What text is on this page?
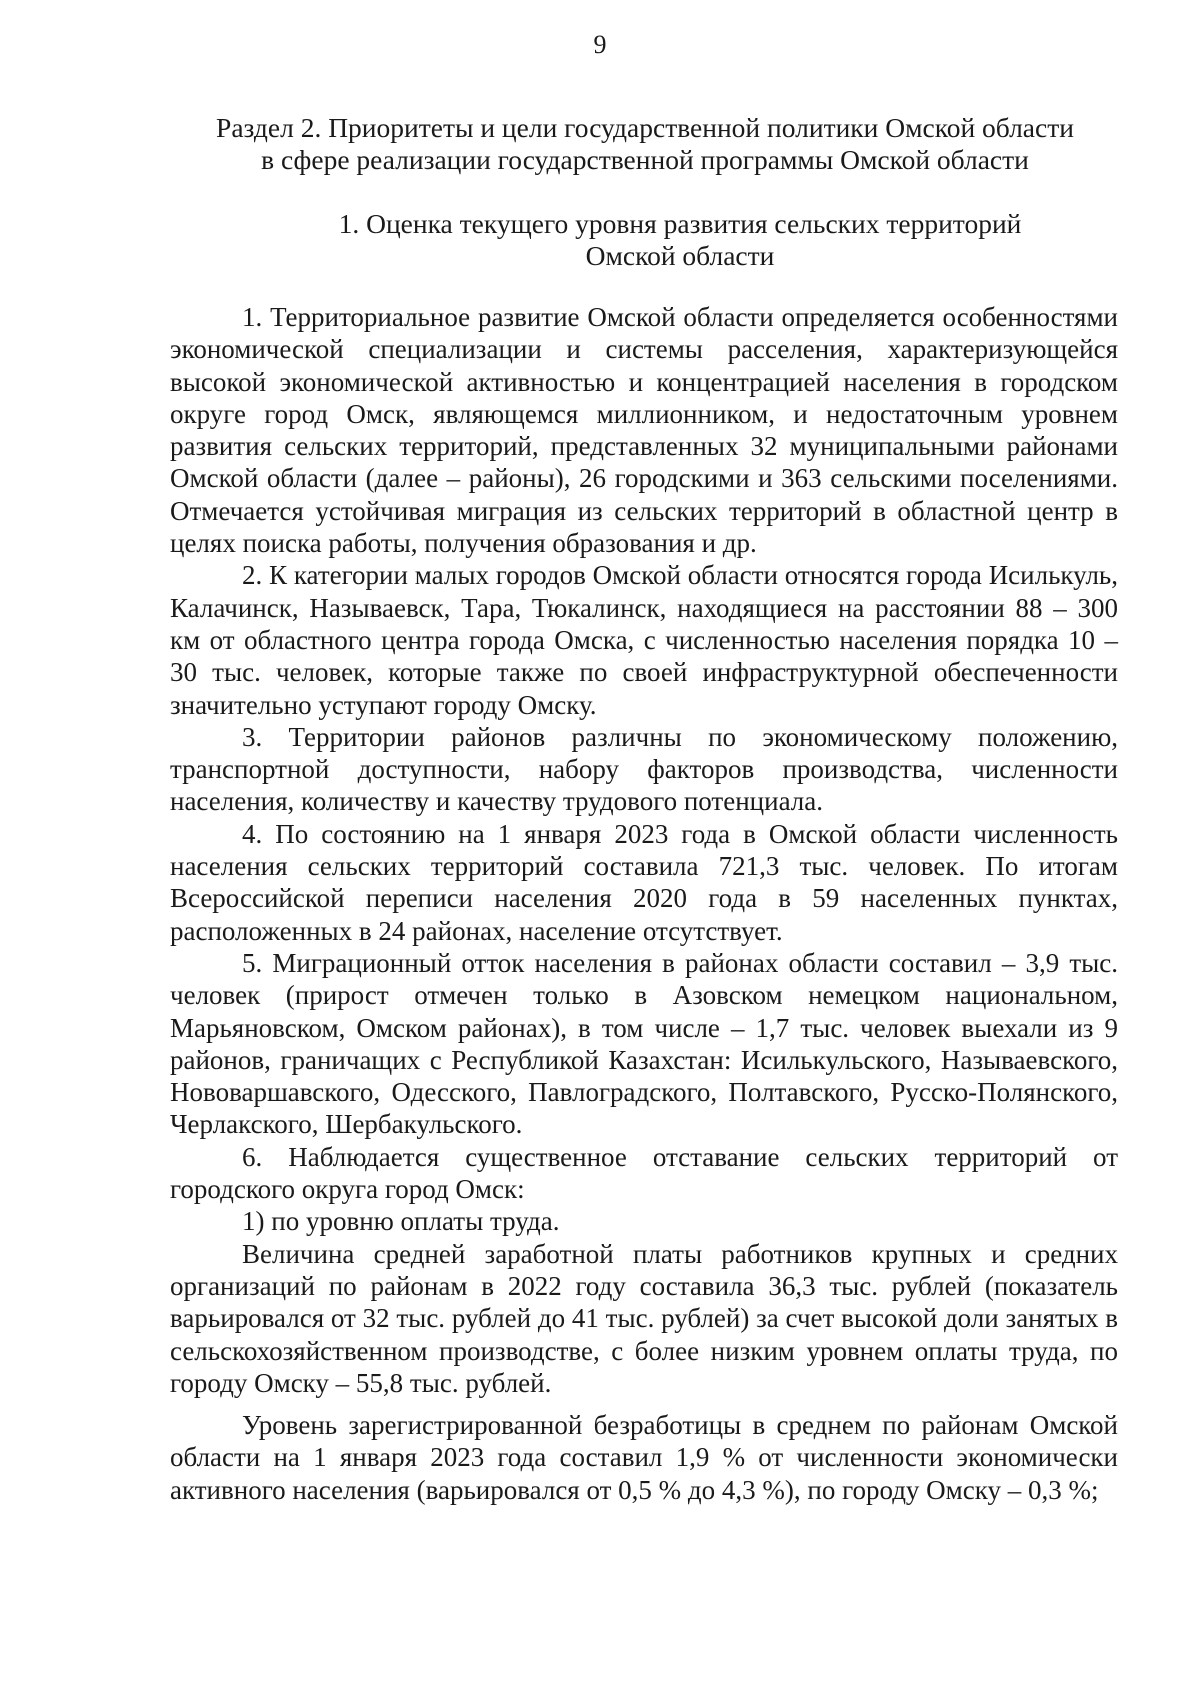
9
Раздел 2. Приоритеты и цели государственной политики Омской области
в сфере реализации государственной программы Омской области
1. Оценка текущего уровня развития сельских территорий
Омской области

1. Территориальное развитие Омской области определяется особенностями экономической специализации и системы расселения, характеризующейся высокой экономической активностью и концентрацией населения в городском округе город Омск, являющемся миллионником, и недостаточным уровнем развития сельских территорий, представленных 32 муниципальными районами Омской области (далее – районы), 26 городскими и 363 сельскими поселениями. Отмечается устойчивая миграция из сельских территорий в областной центр в целях поиска работы, получения образования и др.

2. К категории малых городов Омской области относятся города Исилькуль, Калачинск, Называевск, Тара, Тюкалинск, находящиеся на расстоянии 88 – 300 км от областного центра города Омска, с численностью населения порядка 10 – 30 тыс. человек, которые также по своей инфраструктурной обеспеченности значительно уступают городу Омску.

3. Территории районов различны по экономическому положению, транспортной доступности, набору факторов производства, численности населения, количеству и качеству трудового потенциала.

4. По состоянию на 1 января 2023 года в Омской области численность населения сельских территорий составила 721,3 тыс. человек. По итогам Всероссийской переписи населения 2020 года в 59 населенных пунктах, расположенных в 24 районах, население отсутствует.

5. Миграционный отток населения в районах области составил – 3,9 тыс. человек (прирост отмечен только в Азовском немецком национальном, Марьяновском, Омском районах), в том числе – 1,7 тыс. человек выехали из 9 районов, граничащих с Республикой Казахстан: Исилькульского, Называевского, Нововаршавского, Одесского, Павлоградского, Полтавского, Русско-Полянского, Черлакского, Шербакульского.

6. Наблюдается существенное отставание сельских территорий от городского округа город Омск:

1) по уровню оплаты труда.

Величина средней заработной платы работников крупных и средних организаций по районам в 2022 году составила 36,3 тыс. рублей (показатель варьировался от 32 тыс. рублей до 41 тыс. рублей) за счет высокой доли занятых в сельскохозяйственном производстве, с более низким уровнем оплаты труда, по городу Омску – 55,8 тыс. рублей.

Уровень зарегистрированной безработицы в среднем по районам Омской области на 1 января 2023 года составил 1,9 % от численности экономически активного населения (варьировался от 0,5 % до 4,3 %), по городу Омску – 0,3 %;
